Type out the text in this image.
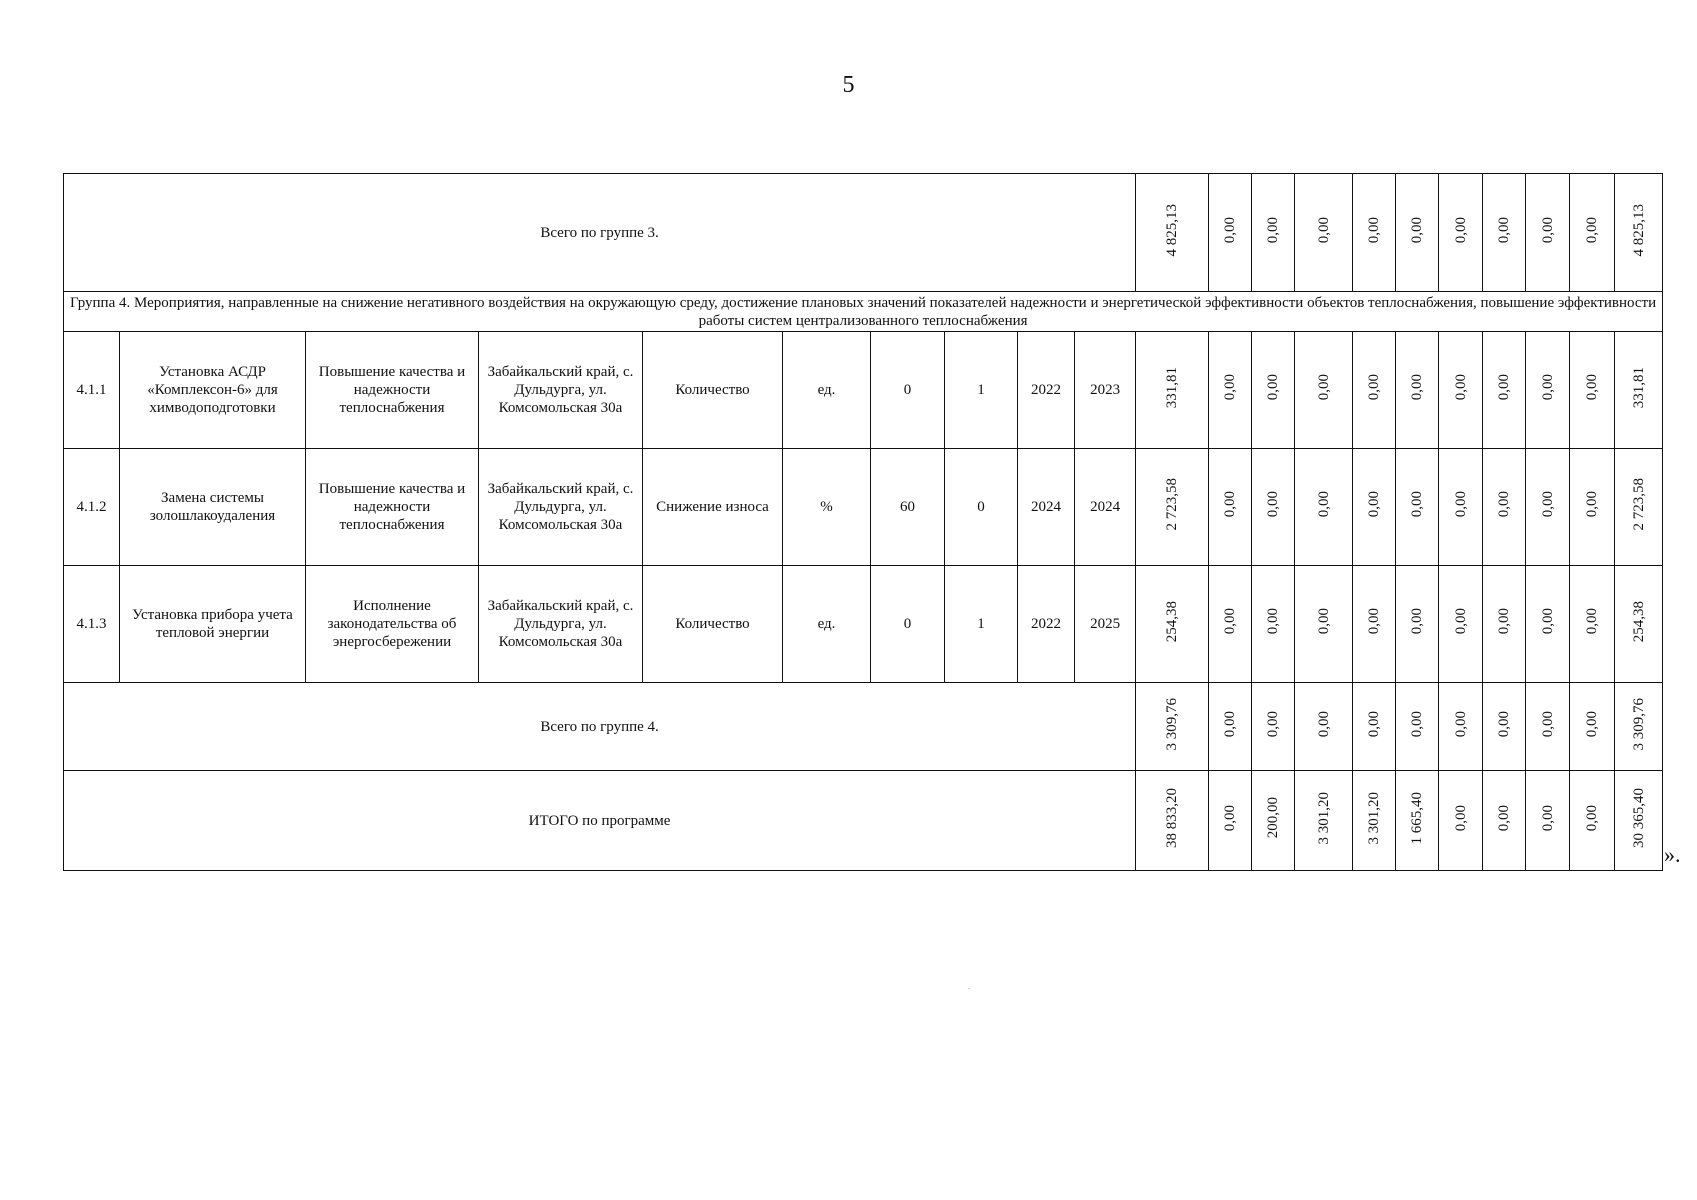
5
Всего по группе 3.										4 825,13	0,00	0,00	0,00	0,00	0,00	0,00	0,00	0,00	0,00	4 825,13
Группа 4. Мероприятия, направленные на снижение негативного воздействия на окружающую среду, достижение плановых значений показателей надежности и энергетической эффективности объектов теплоснабжения, повышение эффективности работы систем централизованного теплоснабжения																				
4.1.1	Установка АСДР «Комплексон-6» для химводоподготовки	Повышение качества и надежности теплоснабжения	Забайкальский край, с. Дульдурга, ул. Комсомольская 30а	Количество	ед.	0	1	2022	2023	331,81	0,00	0,00	0,00	0,00	0,00	0,00	0,00	0,00	0,00	331,81
4.1.2	Замена системы золошлакоудаления	Повышение качества и надежности теплоснабжения	Забайкальский край, с. Дульдурга, ул. Комсомольская 30а	Снижение износа	%	60	0	2024	2024	2 723,58	0,00	0,00	0,00	0,00	0,00	0,00	0,00	0,00	0,00	2 723,58
4.1.3	Установка прибора учета тепловой энергии	Исполнение законодательства об энергосбережении	Забайкальский край, с. Дульдурга, ул. Комсомольская 30а	Количество	ед.	0	1	2022	2025	254,38	0,00	0,00	0,00	0,00	0,00	0,00	0,00	0,00	0,00	254,38
Всего по группе 4.										3 309,76	0,00	0,00	0,00	0,00	0,00	0,00	0,00	0,00	0,00	3 309,76
ИТОГО по программе										38 833,20	0,00	200,00	3 301,20	3 301,20	1 665,40	0,00	0,00	0,00	0,00	30 365,40
».
